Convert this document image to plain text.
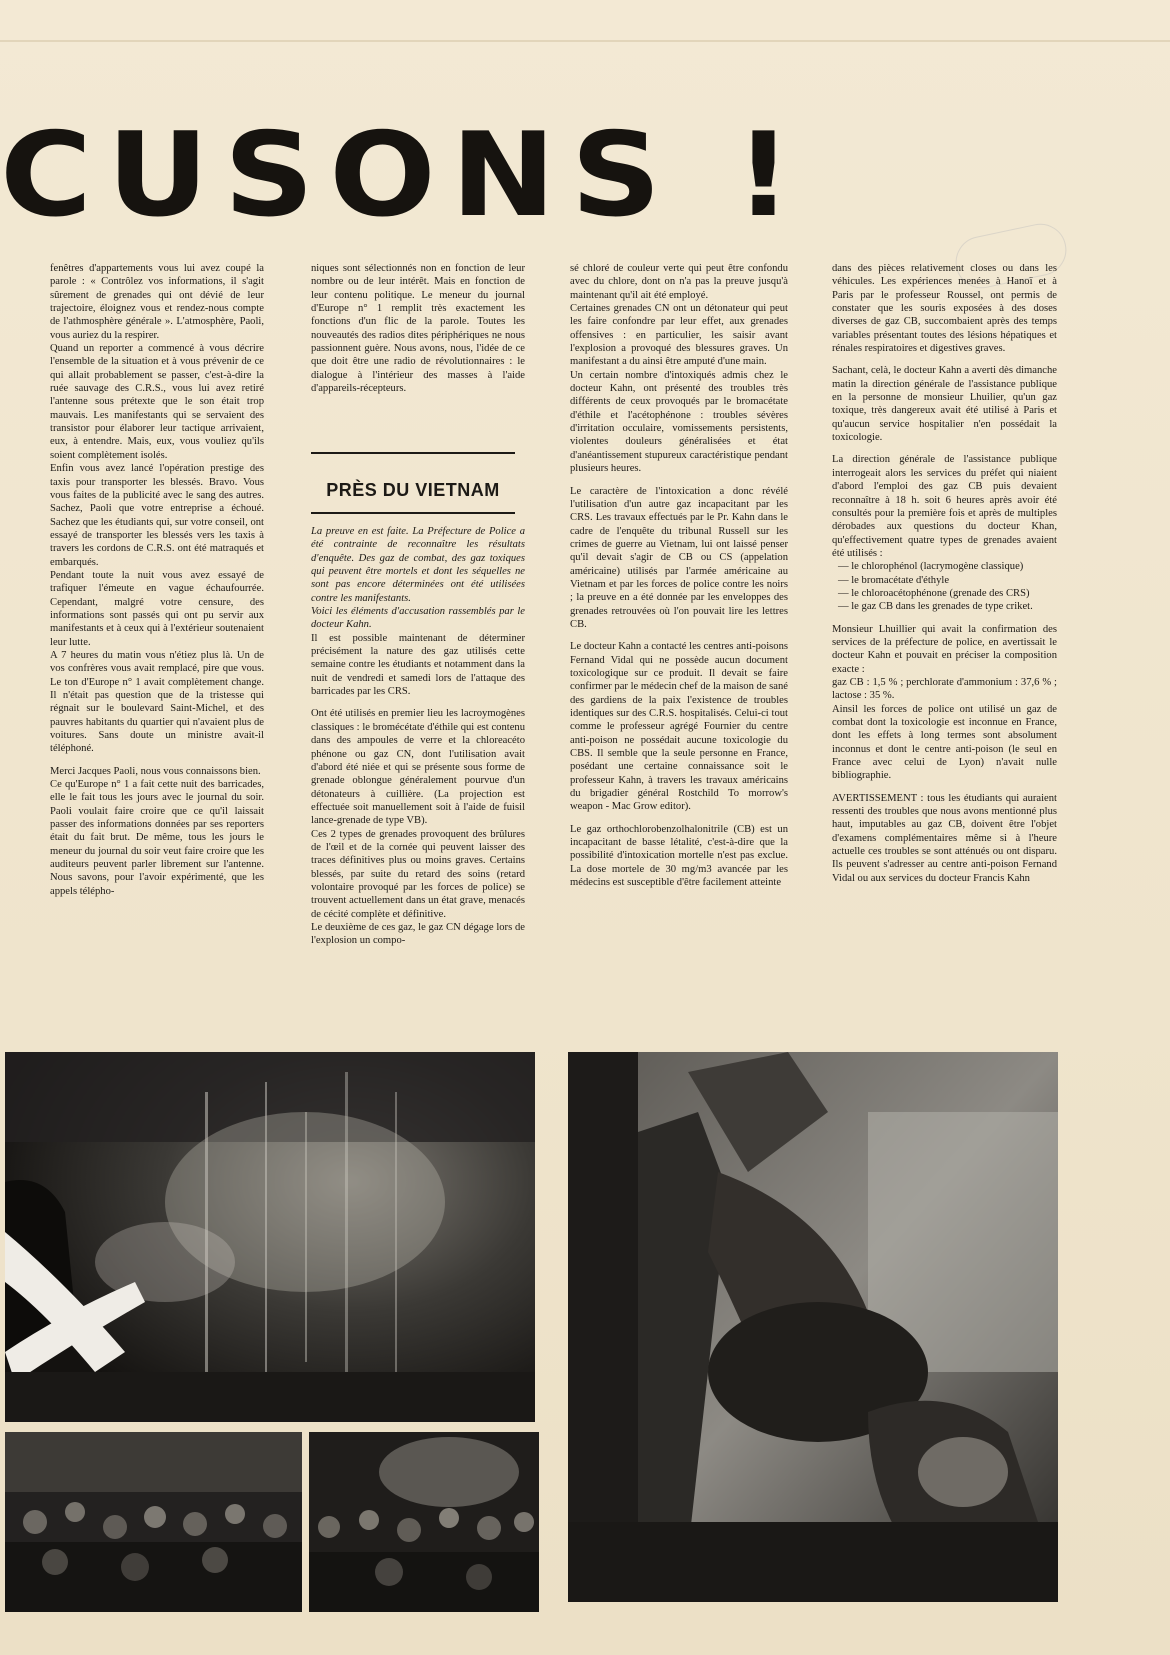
CUSONS !

fenêtres d'appartements vous lui avez coupé la parole : « Contrôlez vos informations, il s'agit sûrement de grenades qui ont dévié de leur trajectoire, éloignez vous et rendez-nous compte de l'athmosphère générale ». L'atmosphère, Paoli, vous auriez du la respirer.

Quand un reporter a commencé à vous décrire l'ensemble de la situation et à vous prévenir de ce qui allait probablement se passer, c'est-à-dire la ruée sauvage des C.R.S., vous lui avez retiré l'antenne sous prétexte que le son était trop mauvais. Les manifestants qui se servaient des transistor pour élaborer leur tactique arrivaient, eux, à entendre. Mais, eux, vous vouliez qu'ils soient complètement isolés.

Enfin vous avez lancé l'opération prestige des taxis pour transporter les blessés. Bravo. Vous vous faites de la publicité avec le sang des autres. Sachez, Paoli que votre entreprise a échoué. Sachez que les étudiants qui, sur votre conseil, ont essayé de transporter les blessés vers les taxis à travers les cordons de C.R.S. ont été matraqués et embarqués.

Pendant toute la nuit vous avez essayé de trafiquer l'émeute en vague échaufourrée. Cependant, malgré votre censure, des informations sont passés qui ont pu servir aux manifestants et à ceux qui à l'extérieur soutenaient leur lutte.

A 7 heures du matin vous n'étiez plus là. Un de vos confrères vous avait remplacé, pire que vous. Le ton d'Europe n° 1 avait complètement change. Il n'était pas question que de la tristesse qui régnait sur le boulevard Saint-Michel, et des pauvres habitants du quartier qui n'avaient plus de voitures. Sans doute un ministre avait-il téléphoné.

Merci Jacques Paoli, nous vous connaissons bien.

Ce qu'Europe n° 1 a fait cette nuit des barricades, elle le fait tous les jours avec le journal du soir. Paoli voulait faire croire que ce qu'il laissait passer des informations données par ses reporters était du fait brut. De même, tous les jours le meneur du journal du soir veut faire croire que les auditeurs peuvent parler librement sur l'antenne. Nous savons, pour l'avoir expérimenté, que les appels télépho-

niques sont sélectionnés non en fonction de leur nombre ou de leur intérêt. Mais en fonction de leur contenu politique. Le meneur du journal d'Europe n° 1 remplit très exactement les fonctions d'un flic de la parole. Toutes les nouveautés des radios dites périphériques ne nous passionnent guère. Nous avons, nous, l'idée de ce que doit être une radio de révolutionnaires : le dialogue à l'intérieur des masses à l'aide d'appareils-récepteurs.

PRÈS DU VIETNAM

La preuve en est faite. La Préfecture de Police a été contrainte de reconnaître les résultats d'enquête. Des gaz de combat, des gaz toxiques qui peuvent être mortels et dont les séquelles ne sont pas encore déterminées ont été utilisées contre les manifestants.

Voici les éléments d'accusation rassemblés par le docteur Kahn.

Il est possible maintenant de déterminer précisément la nature des gaz utilisés cette semaine contre les étudiants et notamment dans la nuit de vendredi et samedi lors de l'attaque des barricades par les CRS.

Ont été utilisés en premier lieu les lacroymogènes classiques : le bromécétate d'éthile qui est contenu dans des ampoules de verre et la chloreacéto phénone ou gaz CN, dont l'utilisation avait d'abord été niée et qui se présente sous forme de grenade oblongue généralement pourvue d'un détonateurs à cuillière. (La projection est effectuée soit manuellement soit à l'aide de fuisil lance-grenade de type VB).

Ces 2 types de grenades provoquent des brûlures de l'œil et de la cornée qui peuvent laisser des traces définitives plus ou moins graves. Certains blessés, par suite du retard des soins (retard volontaire provoqué par les forces de police) se trouvent actuellement dans un état grave, menacés de cécité complète et définitive.

Le deuxième de ces gaz, le gaz CN dégage lors de l'explosion un compo-

sé chloré de couleur verte qui peut être confondu avec du chlore, dont on n'a pas la preuve jusqu'à maintenant qu'il ait été employé.

Certaines grenades CN ont un détonateur qui peut les faire confondre par leur effet, aux grenades offensives : en particulier, les saisir avant l'explosion a provoqué des blessures graves. Un manifestant a du ainsi être amputé d'une main.

Un certain nombre d'intoxiqués admis chez le docteur Kahn, ont présenté des troubles très différents de ceux provoqués par le bromacétate d'éthile et l'acétophénone : troubles sévères d'irritation occulaire, vomissements persistents, violentes douleurs généralisées et état d'anéantissement stupureux caractéristique pendant plusieurs heures.

Le caractère de l'intoxication a donc révélé l'utilisation d'un autre gaz incapacitant par les CRS. Les travaux effectués par le Pr. Kahn dans le cadre de l'enquête du tribunal Russell sur les crimes de guerre au Vietnam, lui ont laissé penser qu'il devait s'agir de CB ou CS (appelation américaine) utilisés par l'armée américaine au Vietnam et par les forces de police contre les noirs ; la preuve en a été donnée par les enveloppes des grenades retrouvées où l'on pouvait lire les lettres CB.

Le docteur Kahn a contacté les centres anti-poisons Fernand Vidal qui ne possède aucun document toxicologique sur ce produit. Il devait se faire confirmer par le médecin chef de la maison de sané des gardiens de la paix l'existence de troubles identiques sur des C.R.S. hospitalisés. Celui-ci tout comme le professeur agrégé Fournier du centre anti-poison ne possédait aucune toxicologie du CBS. Il semble que la seule personne en France, posédant une certaine connaissance soit le professeur Kahn, à travers les travaux américains du brigadier général Rostchild To morrow's weapon - Mac Grow editor).

Le gaz orthochlorobenzolhalonitrile (CB) est un incapacitant de basse létalité, c'est-à-dire que la possibilité d'intoxication mortelle n'est pas exclue. La dose mortele de 30 mg/m3 avancée par les médecins est susceptible d'être facilement atteinte

dans des pièces relativement closes ou dans les véhicules. Les expériences menées à Hanoï et à Paris par le professeur Roussel, ont permis de constater que les souris exposées à des doses diverses de gaz CB, succombaient après des temps variables présentant toutes des lésions hépatiques et rénales respiratoires et digestives graves.

Sachant, celà, le docteur Kahn a averti dès dimanche matin la direction générale de l'assistance publique en la personne de monsieur Lhuilier, qu'un gaz toxique, très dangereux avait été utilisé à Paris et qu'aucun service hospitalier n'en possédait la toxicologie.

La direction générale de l'assistance publique interrogeait alors les services du préfet qui niaient d'abord l'emploi des gaz CB puis devaient reconnaître à 18 h. soit 6 heures après avoir été consultés pour la première fois et après de multiples dérobades aux questions du docteur Khan, qu'effectivement quatre types de grenades avaient été utilisés :

— le chlorophénol (lacrymogène classique)
— le bromacétate d'éthyle
— le chloroacétophénone (grenade des CRS)
— le gaz CB dans les grenades de type criket.

Monsieur Lhuillier qui avait la confirmation des services de la préfecture de police, en avertissait le docteur Kahn et pouvait en préciser la composition exacte :

gaz CB : 1,5 % ; perchlorate d'ammonium : 37,6 % ; lactose : 35 %.

Ainsil les forces de police ont utilisé un gaz de combat dont la toxicologie est inconnue en France, dont les effets à long termes sont absolument inconnus et dont le centre anti-poison (le seul en France avec celui de Lyon) n'avait nulle bibliographie.

AVERTISSEMENT : tous les étudiants qui auraient ressenti des troubles que nous avons mentionné plus haut, imputables au gaz CB, doivent être l'objet d'examens complémentaires même si à l'heure actuelle ces troubles se sont atténués ou ont disparu. Ils peuvent s'adresser au centre anti-poison Fernand Vidal ou aux services du docteur Francis Kahn
